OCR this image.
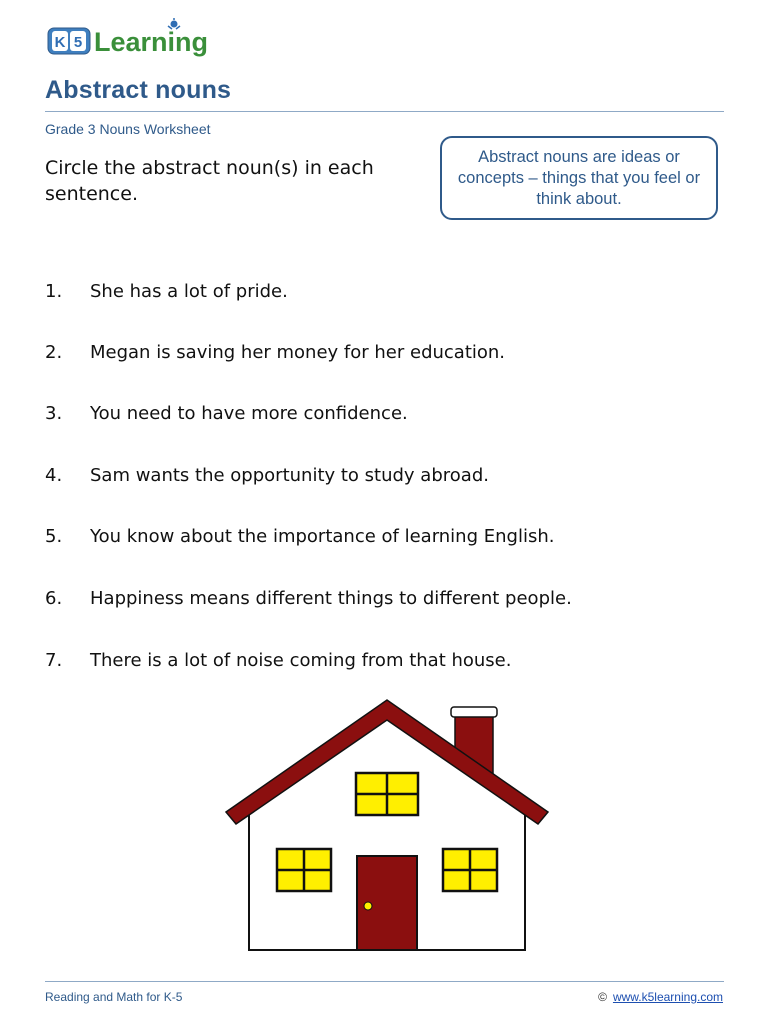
K 5 Learning
Abstract nouns
Grade 3 Nouns Worksheet
Circle the abstract noun(s) in each sentence.
Abstract nouns are ideas or concepts – things that you feel or think about.
1.	She has a lot of pride.
2.	Megan is saving her money for her education.
3.	You need to have more confidence.
4.	Sam wants the opportunity to study abroad.
5.	You know about the importance of learning English.
6.	Happiness means different things to different people.
7.	There is a lot of noise coming from that house.
Reading and Math for K-5	© www.k5learning.com
